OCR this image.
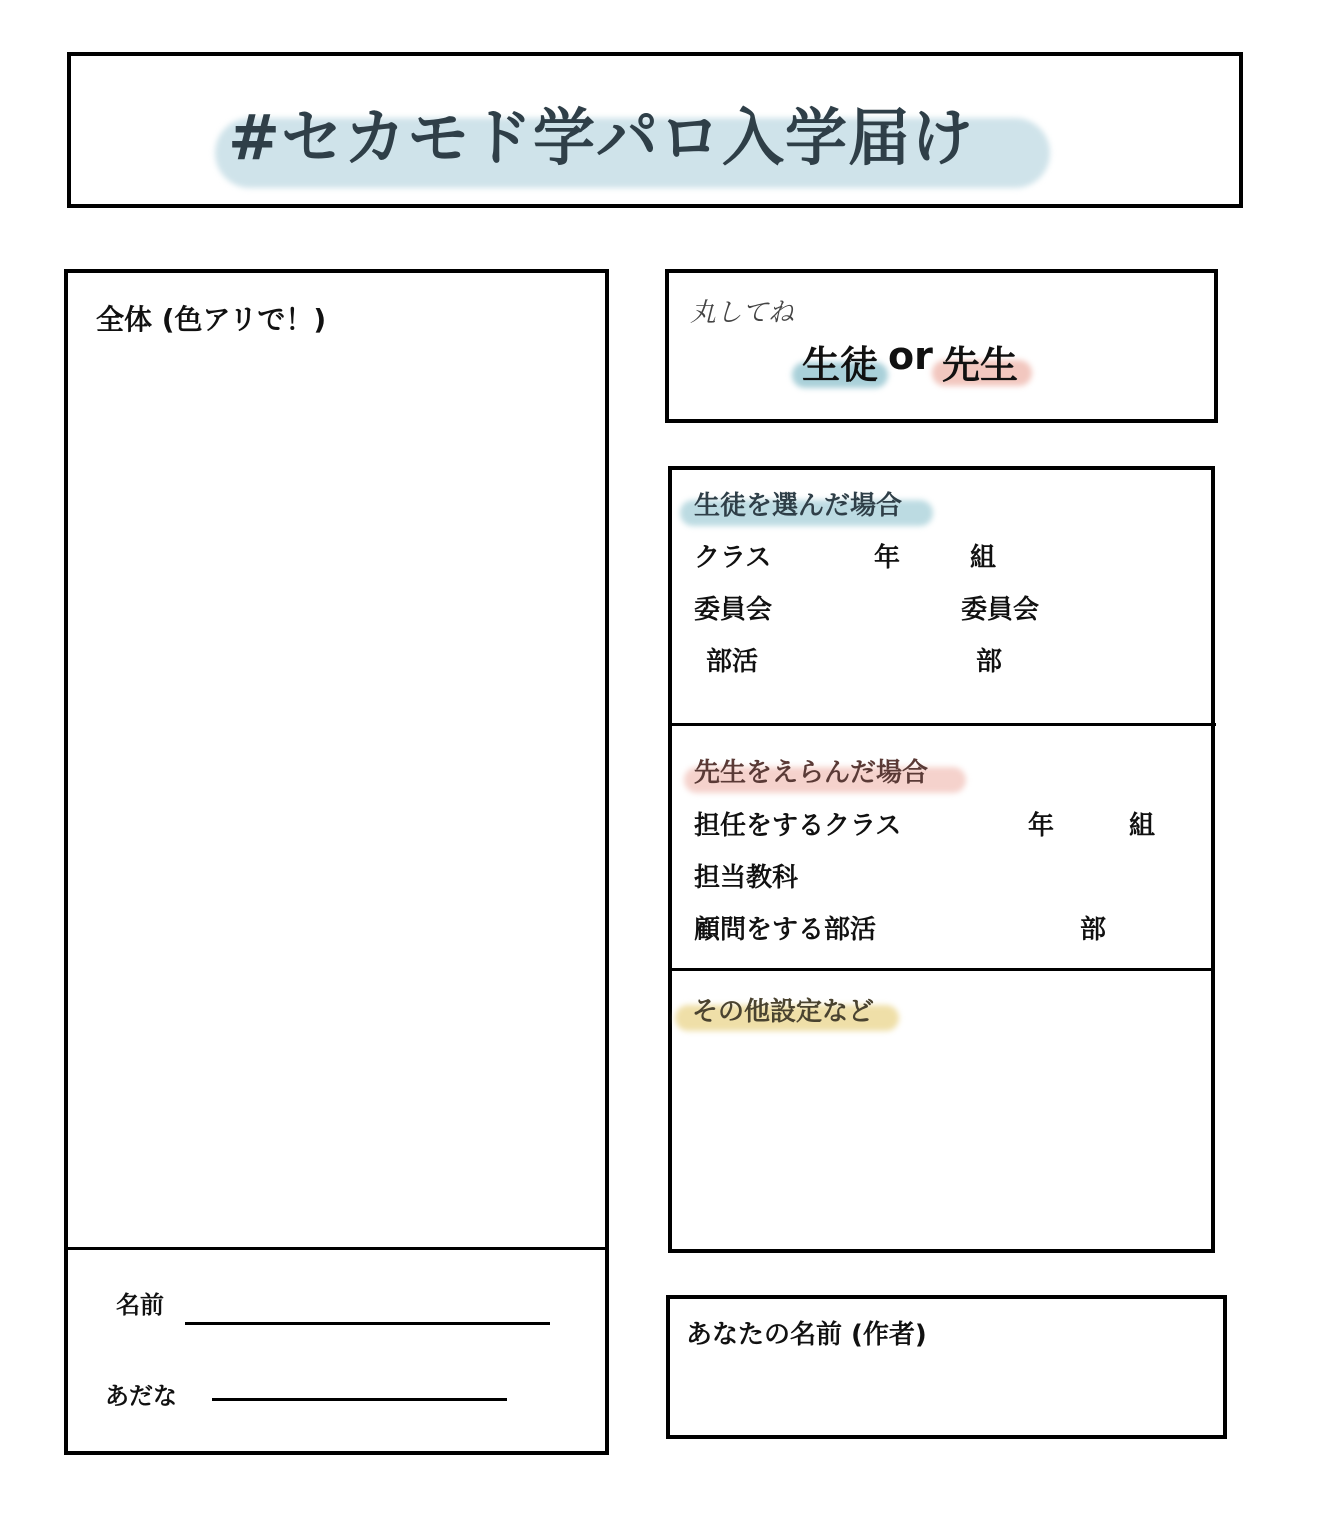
#セカモド学パロ入学届け
全体 (色アリで！)
名前
あだな
丸してね
生徒 or 先生
生徒を選んだ場合
クラス	年	組
委員会	委員会
部活	部
先生をえらんだ場合
担任をするクラス	年	組
担当教科
顧問をする部活	部
その他設定など
あなたの名前 (作者)
